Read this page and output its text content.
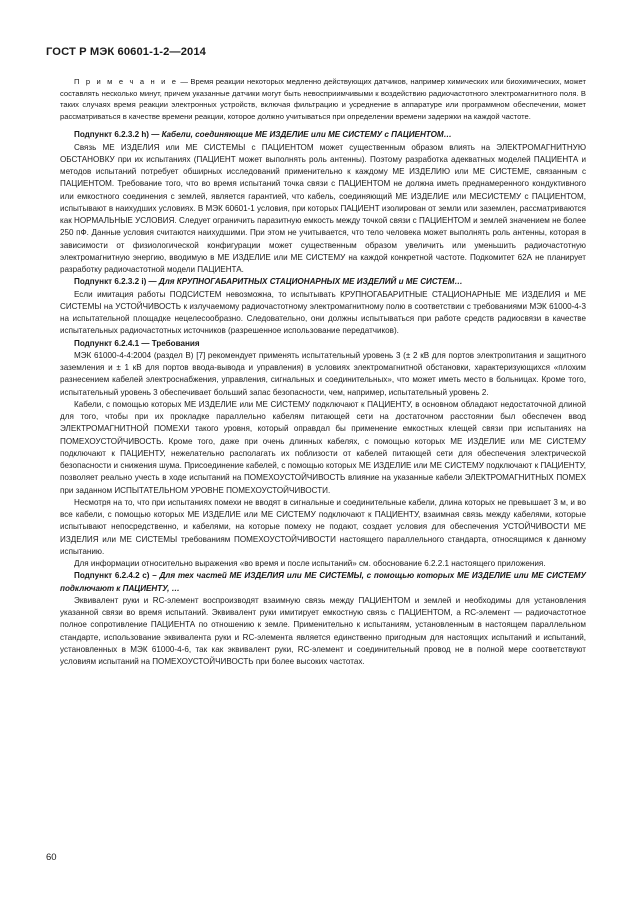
ГОСТ Р МЭК 60601-1-2—2014

П р и м е ч а н и е — Время реакции некоторых медленно действующих датчиков, например химических или биохимических, может составлять несколько минут, причем указанные датчики могут быть невосприимчивыми к воздействию радиочастотного электромагнитного поля. В таких случаях время реакции электронных устройств, включая фильтрацию и усреднение в аппаратуре или программном обеспечении, может рассматриваться в качестве времени реакции, которое должно учитываться при определении времени задержки на каждой частоте.

Подпункт 6.2.3.2 h) — Кабели, соединяющие МЕ ИЗДЕЛИЕ или МЕ СИСТЕМУ с ПАЦИЕНТОМ…

Связь МЕ ИЗДЕЛИЯ или МЕ СИСТЕМЫ с ПАЦИЕНТОМ может существенным образом влиять на ЭЛЕКТРОМАГНИТНУЮ ОБСТАНОВКУ при их испытаниях (ПАЦИЕНТ может выполнять роль антенны). Поэтому разработка адекватных моделей ПАЦИЕНТА и методов испытаний потребует обширных исследований применительно к каждому МЕ ИЗДЕЛИЮ или МЕ СИСТЕМЕ, связанным с ПАЦИЕНТОМ. Требование того, что во время испытаний точка связи с ПАЦИЕНТОМ не должна иметь преднамеренного кондуктивного или емкостного соединения с землей, является гарантией, что кабель, соединяющий МЕ ИЗДЕЛИЕ или МЕСИСТЕМУ с ПАЦИЕНТОМ, испытывают в наихудших условиях. В МЭК 60601-1 условия, при которых ПАЦИЕНТ изолирован от земли или заземлен, рассматриваются как НОРМАЛЬНЫЕ УСЛОВИЯ. Следует ограничить паразитную емкость между точкой связи с ПАЦИЕНТОМ и землей значением не более 250 пФ. Данные условия считаются наихудшими. При этом не учитывается, что тело человека может выполнять роль антенны, которая в зависимости от физиологической конфигурации может существенным образом увеличить или уменьшить радиочастотную электромагнитную энергию, вводимую в МЕ ИЗДЕЛИЕ или МЕ СИСТЕМУ на каждой конкретной частоте. Подкомитет 62А не планирует разработку радиочастотной модели ПАЦИЕНТА.

Подпункт 6.2.3.2 i) — Для КРУПНОГАБАРИТНЫХ СТАЦИОНАРНЫХ МЕ ИЗДЕЛИЙ и МЕ СИСТЕМ…

Если имитация работы ПОДСИСТЕМ невозможна, то испытывать КРУПНОГАБАРИТНЫЕ СТАЦИОНАРНЫЕ МЕ ИЗДЕЛИЯ и МЕ СИСТЕМЫ на УСТОЙЧИВОСТЬ к излучаемому радиочастотному электромагнитному полю в соответствии с требованиями МЭК 61000-4-3 на испытательной площадке нецелесообразно. Следовательно, они должны испытываться при работе средств радиосвязи в качестве испытательных радиочастотных источников (разрешенное использование передатчиков).

Подпункт 6.2.4.1 — Требования

МЭК 61000-4-4:2004 (раздел В) [7] рекомендует применять испытательный уровень 3 (± 2 кВ для портов электропитания и защитного заземления и ± 1 кВ для портов ввода-вывода и управления) в условиях электромагнитной обстановки, характеризующихся «плохим разнесением кабелей электроснабжения, управления, сигнальных и соединительных», что может иметь место в больницах. Кроме того, испытательный уровень 3 обеспечивает больший запас безопасности, чем, например, испытательный уровень 2.

Кабели, с помощью которых МЕ ИЗДЕЛИЕ или МЕ СИСТЕМУ подключают к ПАЦИЕНТУ, в основном обладают недостаточной длиной для того, чтобы при их прокладке параллельно кабелям питающей сети на достаточном расстоянии был обеспечен ввод ЭЛЕКТРОМАГНИТНОЙ ПОМЕХИ такого уровня, который оправдал бы применение емкостных клещей связи при испытаниях на ПОМЕХОУСТОЙЧИВОСТЬ. Кроме того, даже при очень длинных кабелях, с помощью которых МЕ ИЗДЕЛИЕ или МЕ СИСТЕМУ подключают к ПАЦИЕНТУ, нежелательно располагать их поблизости от кабелей питающей сети для обеспечения электрической безопасности и снижения шума. Присоединение кабелей, с помощью которых МЕ ИЗДЕЛИЕ или МЕ СИСТЕМУ подключают к ПАЦИЕНТУ, позволяет реально учесть в ходе испытаний на ПОМЕХОУСТОЙЧИВОСТЬ влияние на указанные кабели ЭЛЕКТРОМАГНИТНЫХ ПОМЕХ при заданном ИСПЫТАТЕЛЬНОМ УРОВНЕ ПОМЕХОУСТОЙЧИВОСТИ.

Несмотря на то, что при испытаниях помехи не вводят в сигнальные и соединительные кабели, длина которых не превышает 3 м, и во все кабели, с помощью которых МЕ ИЗДЕЛИЕ или МЕ СИСТЕМУ подключают к ПАЦИЕНТУ, взаимная связь между кабелями, которые испытывают непосредственно, и кабелями, на которые помеху не подают, создает условия для обеспечения УСТОЙЧИВОСТИ МЕ ИЗДЕЛИЯ или МЕ СИСТЕМЫ требованиям ПОМЕХОУСТОЙЧИВОСТИ настоящего параллельного стандарта, относящимся к данному испытанию.

Для информации относительно выражения «во время и после испытаний» см. обоснование 6.2.2.1 настоящего приложения.

Подпункт 6.2.4.2 с) – Для тех частей МЕ ИЗДЕЛИЯ или МЕ СИСТЕМЫ, с помощью которых МЕ ИЗДЕЛИЕ или МЕ СИСТЕМУ подключают к ПАЦИЕНТУ, …

Эквивалент руки и RC-элемент воспроизводят взаимную связь между ПАЦИЕНТОМ и землей и необходимы для установления указанной связи во время испытаний. Эквивалент руки имитирует емкостную связь с ПАЦИЕНТОМ, а RC-элемент — радиочастотное полное сопротивление ПАЦИЕНТА по отношению к земле. Применительно к испытаниям, установленным в настоящем параллельном стандарте, использование эквивалента руки и RC-элемента является единственно пригодным для настоящих испытаний и испытаний, установленных в МЭК 61000-4-6, так как эквивалент руки, RC-элемент и соединительный провод не в полной мере соответствуют условиям испытаний на ПОМЕХОУСТОЙЧИВОСТЬ при более высоких частотах.

60
